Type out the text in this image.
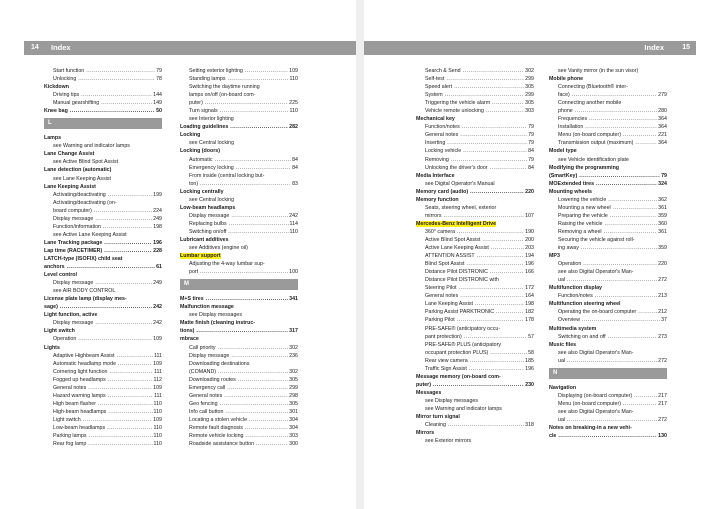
14 Index
Start function .....	79
Unlocking .....	78
Kickdown
Driving tips .....	144
Manual gearshifting .....	149
Knee bag .....	50
L
Lamps
see Warning and indicator lamps
Lane Change Assist
see Active Blind Spot Assist
Lane detection (automatic)
see Lane Keeping Assist
Lane Keeping Assist
Activating/deactivating .....	199
Activating/deactivating (on-
board computer) .....	224
Display message .....	249
Function/information .....	198
see Active Lane Keeping Assist
Lane Tracking package .....	196
Lap time (RACETIMER) .....	228
LATCH-type (ISOFIX) child seat
anchors .....	61
Level control
Display message .....	249
see AIR BODY CONTROL
License plate lamp (display mes-
sage) .....	242
Light function, active
Display message .....	242
Light switch
Operation .....	109
Lights
Adaptive Highbeam Assist .....	111
Automatic headlamp mode .....	109
Cornering light function .....	111
Fogged up headlamps .....	112
General notes .....	109
Hazard warning lamps .....	111
High beam flasher .....	110
High-beam headlamps .....	110
Light switch .....	109
Low-beam headlamps .....	110
Parking lamps .....	110
Rear fog lamp .....	110
Setting exterior lighting .....	109
Standing lamps .....	110
Switching the daytime running
lamps on/off (on-board com-
puter) .....	225
Turn signals .....	110
see Interior lighting
Loading guidelines .....	282
Locking
see Central locking
Locking (doors)
Automatic .....	84
Emergency locking .....	84
From inside (central locking but-
ton) .....	83
Locking centrally
see Central locking
Low-beam headlamps
Display message .....	242
Replacing bulbs .....	114
Switching on/off .....	110
Lubricant additives
see Additives (engine oil)
Lumbar support
Adjusting the 4-way lumbar sup-
port .....	100
M
M+S tires .....	341
Malfunction message
see Display messages
Matte finish (cleaning instruc-
tions) .....	317
mbrace
Call priority .....	302
Display message .....	236
Downloading destinations
(COMAND) .....	302
Downloading routes .....	305
Emergency call .....	299
General notes .....	298
Geo fencing .....	305
Info call button .....	301
Locating a stolen vehicle .....	304
Remote fault diagnosis .....	304
Remote vehicle locking .....	303
Roadside assistance button .....	300
Index	15
Search & Send .....	302
Self-test .....	299
Speed alert .....	305
System .....	299
Triggering the vehicle alarm .....	305
Vehicle remote unlocking .....	303
Mechanical key
Function/notes .....	79
General notes .....	79
Inserting .....	79
Locking vehicle .....	84
Removing .....	79
Unlocking the driver's door .....	84
Media Interface
see Digital Operator's Manual
Memory card (audio) .....	220
Memory function
Seats, steering wheel, exterior
mirrors .....	107
Mercedes-Benz Intelligent Drive
360° camera .....	190
Active Blind Spot Assist .....	200
Active Lane Keeping Assist .....	203
ATTENTION ASSIST .....	194
Blind Spot Assist .....	196
Distance Pilot DISTRONIC .....	166
Distance Pilot DISTRONIC with
Steering Pilot .....	172
General notes .....	164
Lane Keeping Assist .....	198
Parking Assist PARKTRONIC .....	182
Parking Pilot .....	178
PRE-SAFE® (anticipatory occu-
pant protection) .....	57
PRE-SAFE® PLUS (anticipatory
occupant protection PLUS) .....	58
Rear view camera .....	185
Traffic Sign Assist .....	196
Message memory (on-board com-
puter) .....	230
Messages
see Display messages
see Warning and indicator lamps
Mirror turn signal
Cleaning .....	318
Mirrors
see Exterior mirrors
see Vanity mirror (in the sun visor)
Mobile phone
Connecting (Bluetooth® inter-
face) .....	279
Connecting another mobile
phone .....	280
Frequencies .....	364
Installation .....	364
Menu (on-board computer) .....	221
Transmission output (maximum) .....	364
Model type
see Vehicle identification plate
Modifying the programming
(SmartKey) .....	79
MOExtended tires .....	324
Mounting wheels
Lowering the vehicle .....	362
Mounting a new wheel .....	361
Preparing the vehicle .....	359
Raising the vehicle .....	360
Removing a wheel .....	361
Securing the vehicle against roll-
ing away .....	359
MP3
Operation .....	220
see also Digital Operator's Man-
ual .....	272
Multifunction display
Function/notes .....	213
Multifunction steering wheel
Operating the on-board computer .....	212
Overview .....	37
Multimedia system
Switching on and off .....	273
Music files
see also Digital Operator's Man-
ual .....	272
N
Navigation
Displaying (on-board computer) .....	217
Menu (on-board computer) .....	217
see also Digital Operator's Man-
ual .....	272
Notes on breaking-in a new vehi-
cle .....	130
